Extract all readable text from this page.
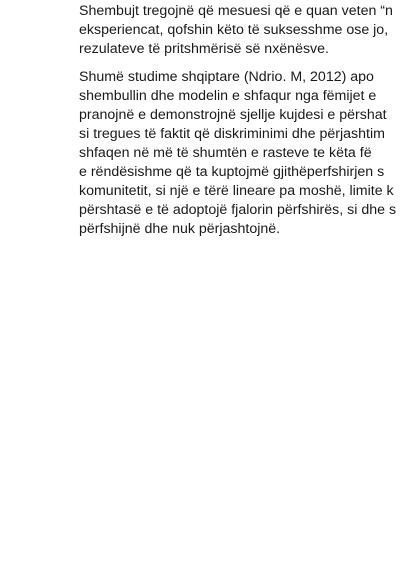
Shembujt tregojnë që mesuesi që e quan veten “n
eksperiencat, qofshin këto të suksesshme ose jo,
rezulateve të pritshmërisë së nxënësve.
Shumë studime shqiptare (Ndrio. M, 2012) apo
shembullin dhe modelin e shfaqur nga fëmijet e
pranojnë e demonstrojnë sjellje kujdesi e përshat
si tregues të faktit që diskriminimi dhe përjashtim
shfaqen në më të shumtën e rasteve te këta fë
e rëndësishme që ta kuptojmë gjithëperfshirjen s
komunitetit, si një e tërë lineare pa moshë, limite k
përshtasë e të adoptojë fjalorin përfshirës, si dhe s
përfshijnë dhe nuk përjashtojnë.
